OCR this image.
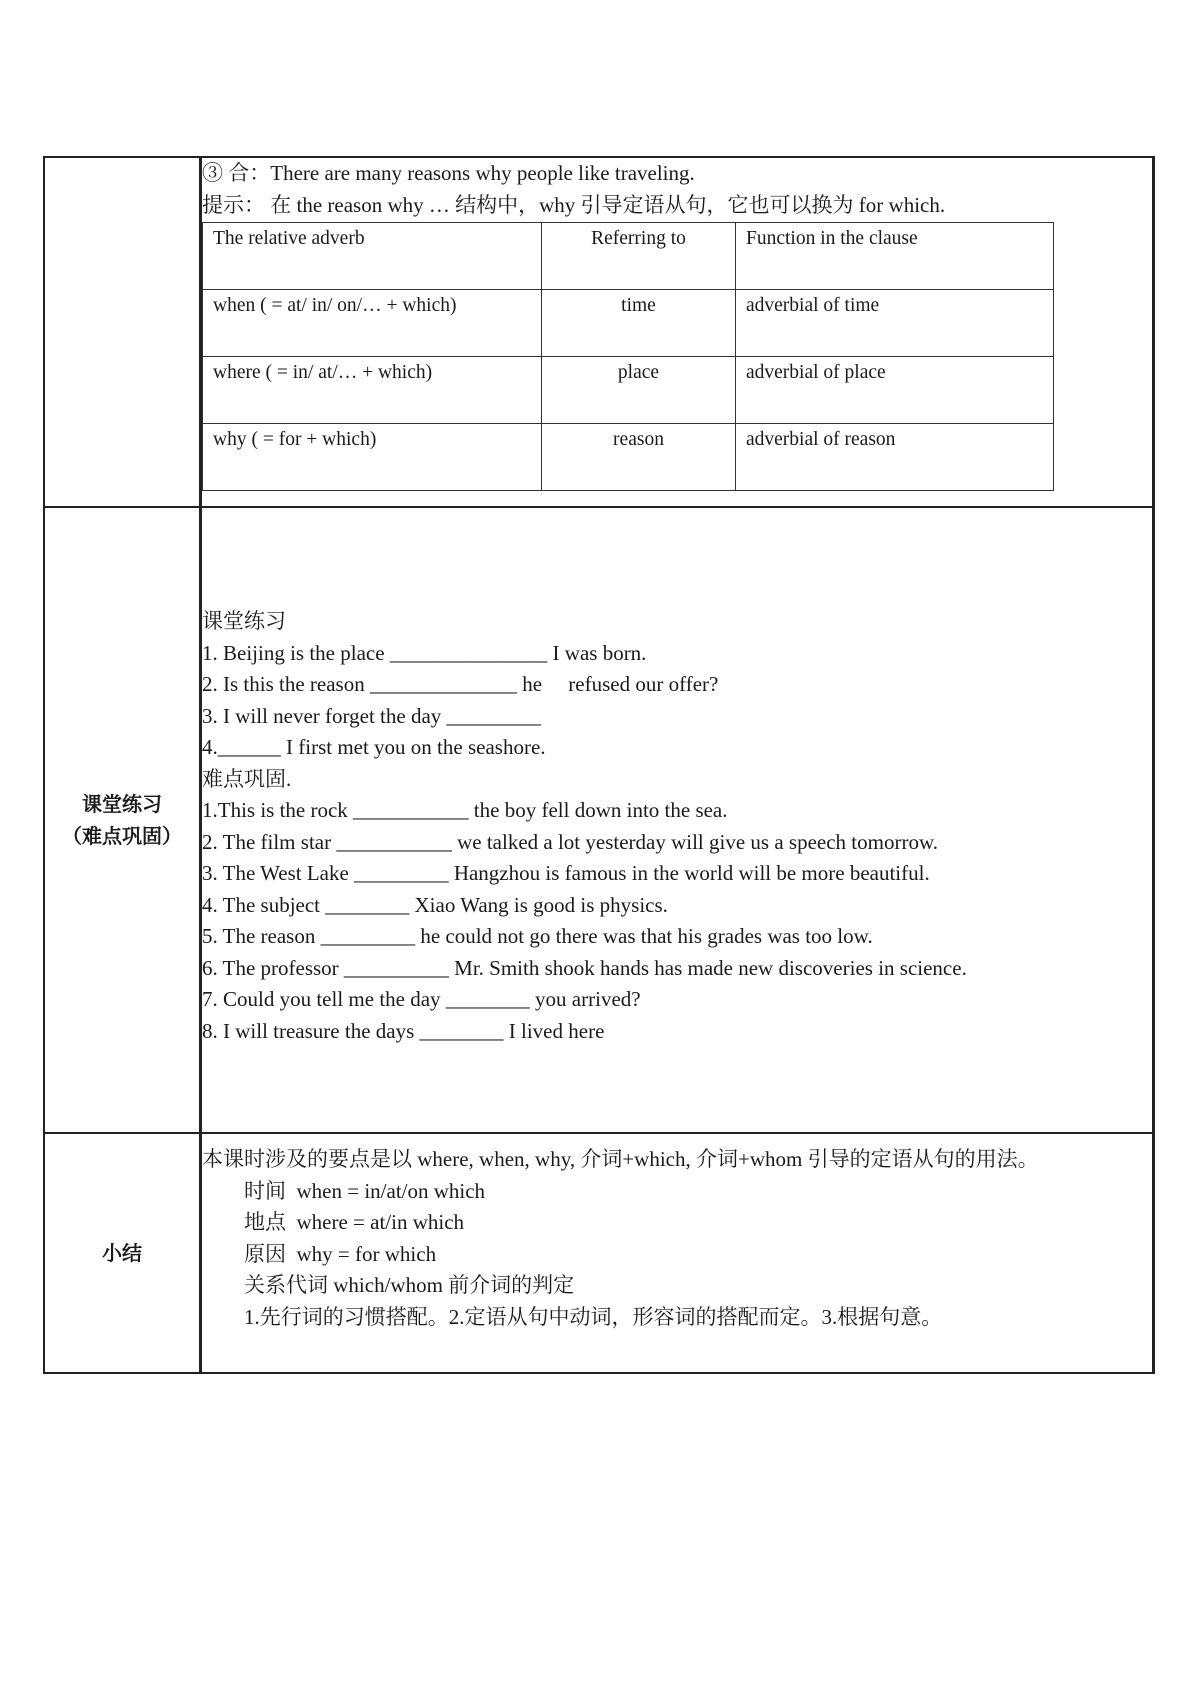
③ 合：There are many reasons why people like traveling.
提示： 在 the reason why … 结构中，why 引导定语从句，它也可以换为 for which.
The relative adverb	Referring to	Function in the clause
when ( = at/ in/ on/… + which)	time	adverbial of time
where ( = in/ at/… + which)	place	adverbial of place
why ( = for + which)	reason	adverbial of reason

课堂练习
（难点巩固）

课堂练习
1. Beijing is the place _______________ I was born.
2. Is this the reason ______________ he     refused our offer?
3. I will never forget the day _________
4.______ I first met you on the seashore.
难点巩固.
1.This is the rock ___________ the boy fell down into the sea.
2. The film star ___________ we talked a lot yesterday will give us a speech tomorrow.
3. The West Lake _________ Hangzhou is famous in the world will be more beautiful.
4. The subject ________ Xiao Wang is good is physics.
5. The reason _________ he could not go there was that his grades was too low.
6. The professor __________ Mr. Smith shook hands has made new discoveries in science.
7. Could you tell me the day ________ you arrived?
8. I will treasure the days ________ I lived here

小结	
本课时涉及的要点是以 where, when, why, 介词+which, 介词+whom 引导的定语从句的用法。
时间  when = in/at/on which
地点  where = at/in which
原因  why = for which
关系代词 which/whom 前介词的判定
1.先行词的习惯搭配。2.定语从句中动词，形容词的搭配而定。3.根据句意。
